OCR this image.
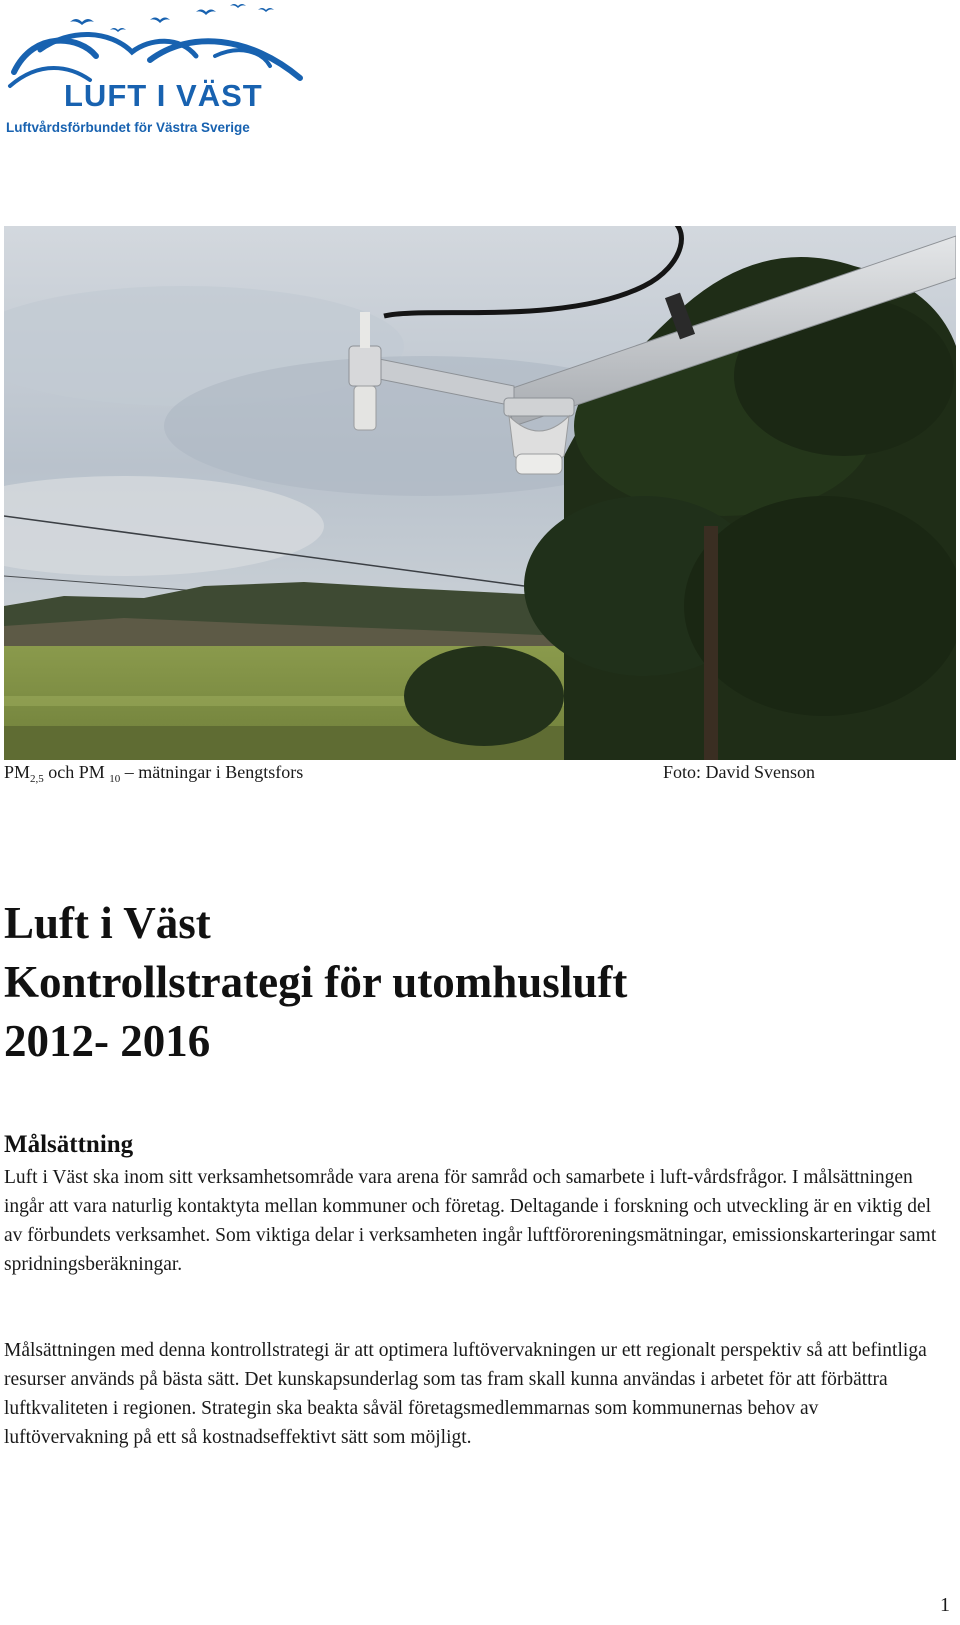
LUFT I VÄST
Luftvårdsförbundet för Västra Sverige
$PM_{2,5}$ och PM $_{10}$ – mätningar i Bengtsfors	Foto: David Svenson
Luft i Väst
Kontrollstrategi för utomhusluft
2012- 2016
Målsättning

Luft i Väst ska inom sitt verksamhetsområde vara arena för samråd och samarbete i luft-vårdsfrågor. I målsättningen ingår att vara naturlig kontaktyta mellan kommuner och företag. Deltagande i forskning och utveckling är en viktig del av förbundets verksamhet. Som viktiga delar i verksamheten ingår luftföroreningsmätningar, emissionskarteringar samt spridningsberäkningar.

Målsättningen med denna kontrollstrategi är att optimera luftövervakningen ur ett regionalt perspektiv så att befintliga resurser används på bästa sätt. Det kunskapsunderlag som tas fram skall kunna användas i arbetet för att förbättra luftkvaliteten i regionen. Strategin ska beakta såväl företagsmedlemmarnas som kommunernas behov av luftövervakning på ett så kostnadseffektivt sätt som möjligt.

1
